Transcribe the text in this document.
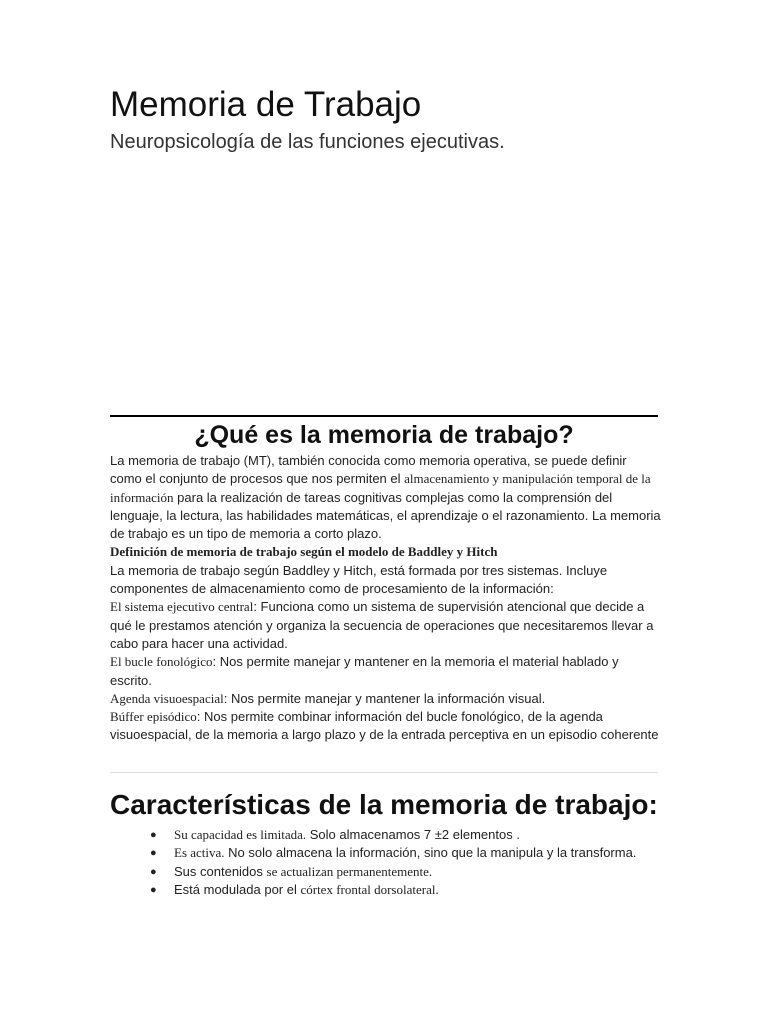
Memoria de Trabajo
Neuropsicología de las funciones ejecutivas.
¿Qué es la memoria de trabajo?

La memoria de trabajo (MT), también conocida como memoria operativa, se puede definir como el conjunto de procesos que nos permiten el almacenamiento y manipulación temporal de la información para la realización de tareas cognitivas complejas como la comprensión del lenguaje, la lectura, las habilidades matemáticas, el aprendizaje o el razonamiento. La memoria de trabajo es un tipo de memoria a corto plazo.

Definición de memoria de trabajo según el modelo de Baddley y Hitch

La memoria de trabajo según Baddley y Hitch, está formada por tres sistemas. Incluye componentes de almacenamiento como de procesamiento de la información:

El sistema ejecutivo central: Funciona como un sistema de supervisión atencional que decide a qué le prestamos atención y organiza la secuencia de operaciones que necesitaremos llevar a cabo para hacer una actividad.

El bucle fonológico: Nos permite manejar y mantener en la memoria el material hablado y escrito.

Agenda visuoespacial: Nos permite manejar y mantener la información visual.

Búffer episódico: Nos permite combinar información del bucle fonológico, de la agenda visuoespacial, de la memoria a largo plazo y de la entrada perceptiva en un episodio coherente

Características de la memoria de trabajo:
● Su capacidad es limitada. Solo almacenamos 7 ±2 elementos .
● Es activa. No solo almacena la información, sino que la manipula y la transforma.
● Sus contenidos se actualizan permanentemente.
● Está modulada por el córtex frontal dorsolateral.
